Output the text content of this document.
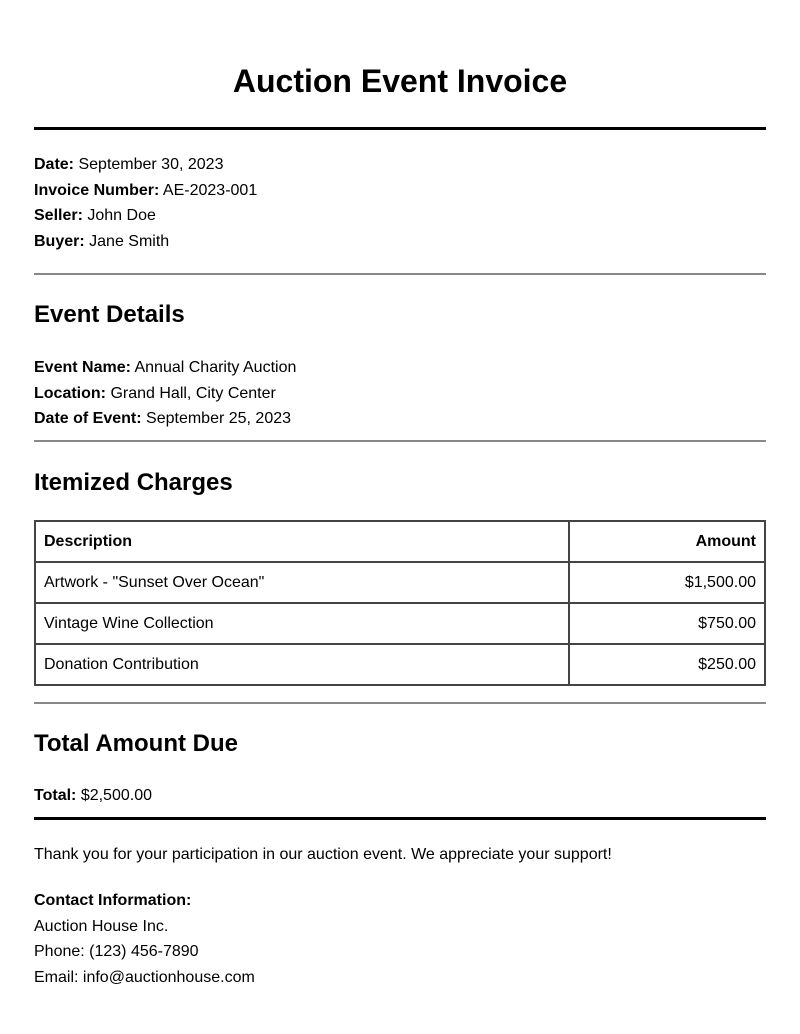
Auction Event Invoice
Date: September 30, 2023
Invoice Number: AE-2023-001
Seller: John Doe
Buyer: Jane Smith
Event Details
Event Name: Annual Charity Auction
Location: Grand Hall, City Center
Date of Event: September 25, 2023
Itemized Charges
Description	Amount
Artwork - "Sunset Over Ocean"	$1,500.00
Vintage Wine Collection	$750.00
Donation Contribution	$250.00
Total Amount Due
Total: $2,500.00
Thank you for your participation in our auction event. We appreciate your support!
Contact Information:
Auction House Inc.
Phone: (123) 456-7890
Email: info@auctionhouse.com
